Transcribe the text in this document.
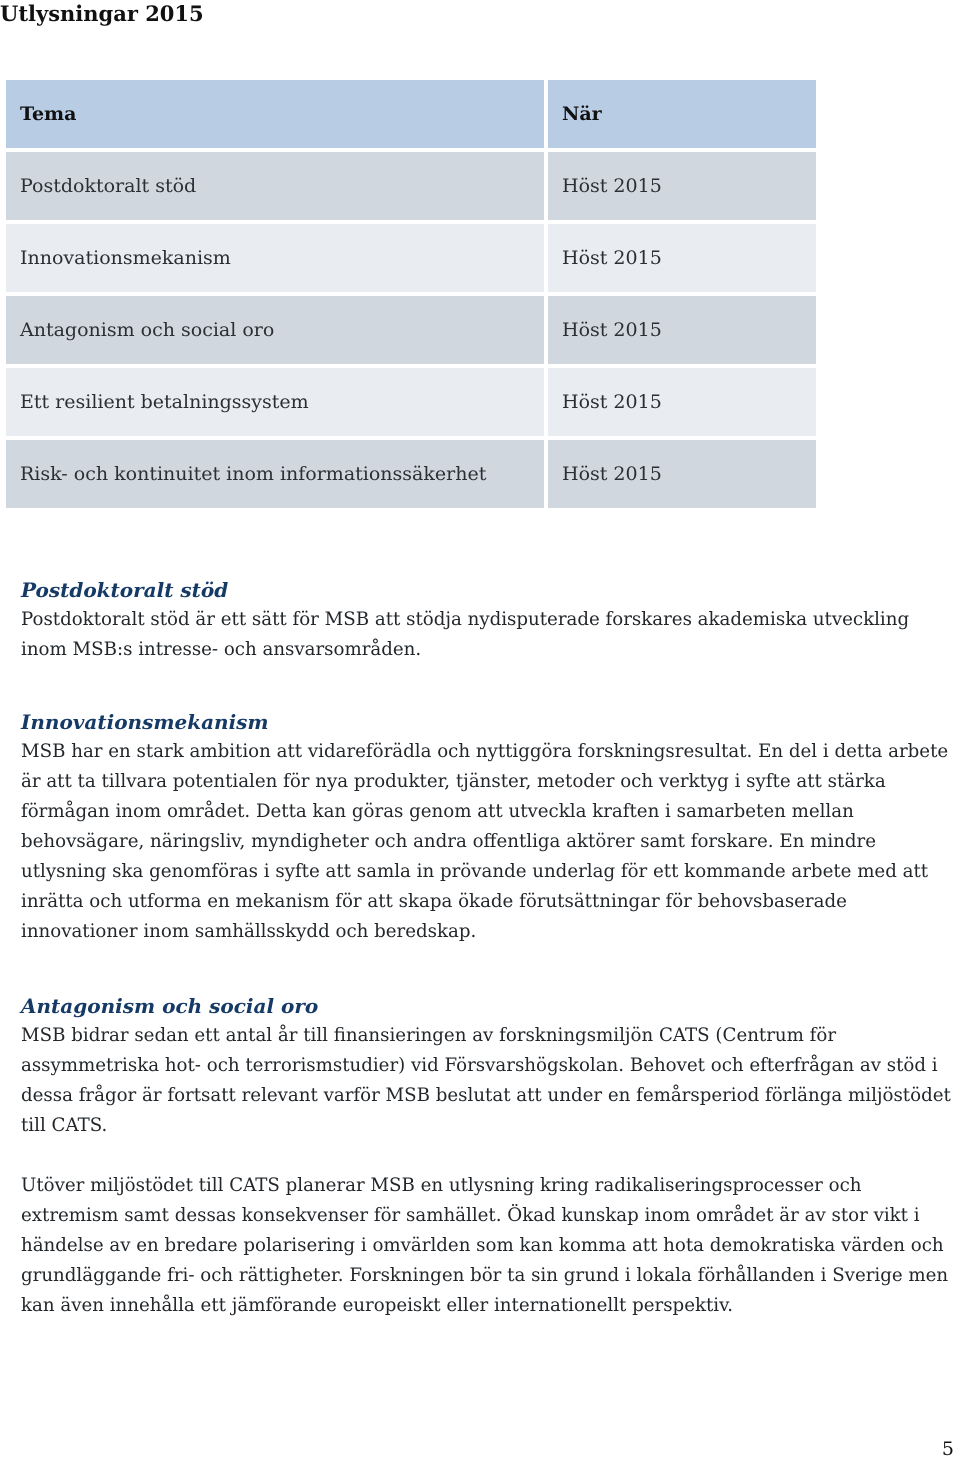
Utlysningar 2015
Tema	När
Postdoktoralt stöd	Höst 2015
Innovationsmekanism	Höst 2015
Antagonism och social oro	Höst 2015
Ett resilient betalningssystem	Höst 2015
Risk- och kontinuitet inom informationssäkerhet	Höst 2015
Postdoktoralt stöd

Postdoktoralt stöd är ett sätt för MSB att stödja nydisputerade forskares akademiska utveckling inom MSB:s intresse- och ansvarsområden.

Innovationsmekanism

MSB har en stark ambition att vidareförädla och nyttiggöra forskningsresultat. En del i detta arbete är att ta tillvara potentialen för nya produkter, tjänster, metoder och verktyg i syfte att stärka förmågan inom området. Detta kan göras genom att utveckla kraften i samarbeten mellan behovsägare, näringsliv, myndigheter och andra offentliga aktörer samt forskare. En mindre utlysning ska genomföras i syfte att samla in prövande underlag för ett kommande arbete med att inrätta och utforma en mekanism för att skapa ökade förutsättningar för behovsbaserade innovationer inom samhällsskydd och beredskap.

Antagonism och social oro

MSB bidrar sedan ett antal år till finansieringen av forskningsmiljön CATS (Centrum för assymmetriska hot- och terrorismstudier) vid Försvarshögskolan. Behovet och efterfrågan av stöd i dessa frågor är fortsatt relevant varför MSB beslutat att under en femårsperiod förlänga miljöstödet till CATS.

Utöver miljöstödet till CATS planerar MSB en utlysning kring radikaliseringsprocesser och extremism samt dessas konsekvenser för samhället. Ökad kunskap inom området är av stor vikt i händelse av en bredare polarisering i omvärlden som kan komma att hota demokratiska värden och grundläggande fri- och rättigheter. Forskningen bör ta sin grund i lokala förhållanden i Sverige men kan även innehålla ett jämförande europeiskt eller internationellt perspektiv.

5
